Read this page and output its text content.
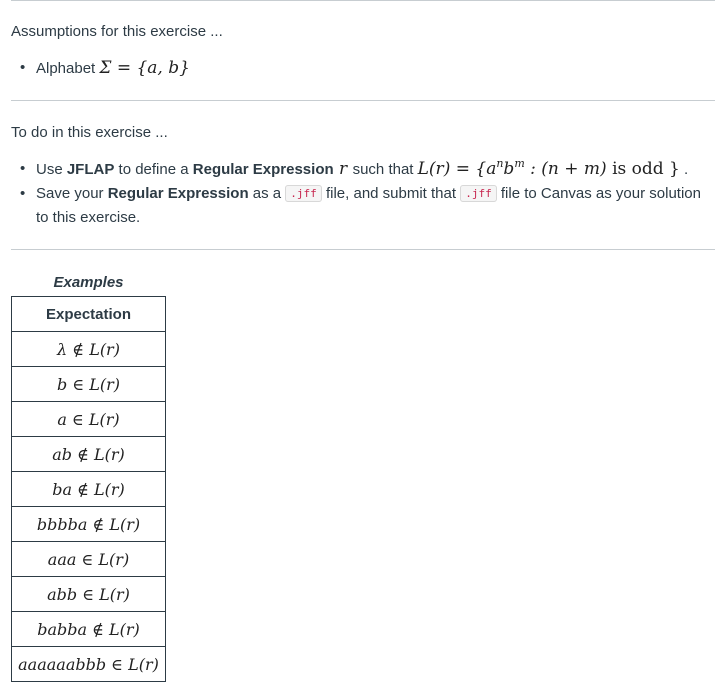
Assumptions for this exercise ...
• Alphabet Σ = {a, b}
To do in this exercise ...
• Use JFLAP to define a Regular Expression r such that $L(r) = \{a^nb^m$ : (n + m) is odd } .
• Save your Regular Expression as a .jff file, and submit that .jff file to Canvas as your solution to this exercise.
Examples
Expectation
λ ∉ L(r)
b ∈ L(r)
a ∈ L(r)
ab ∉ L(r)
ba ∉ L(r)
bbbba ∉ L(r)
aaa ∈ L(r)
abb ∈ L(r)
babba ∉ L(r)
aaaaaabbb ∈ L(r)
